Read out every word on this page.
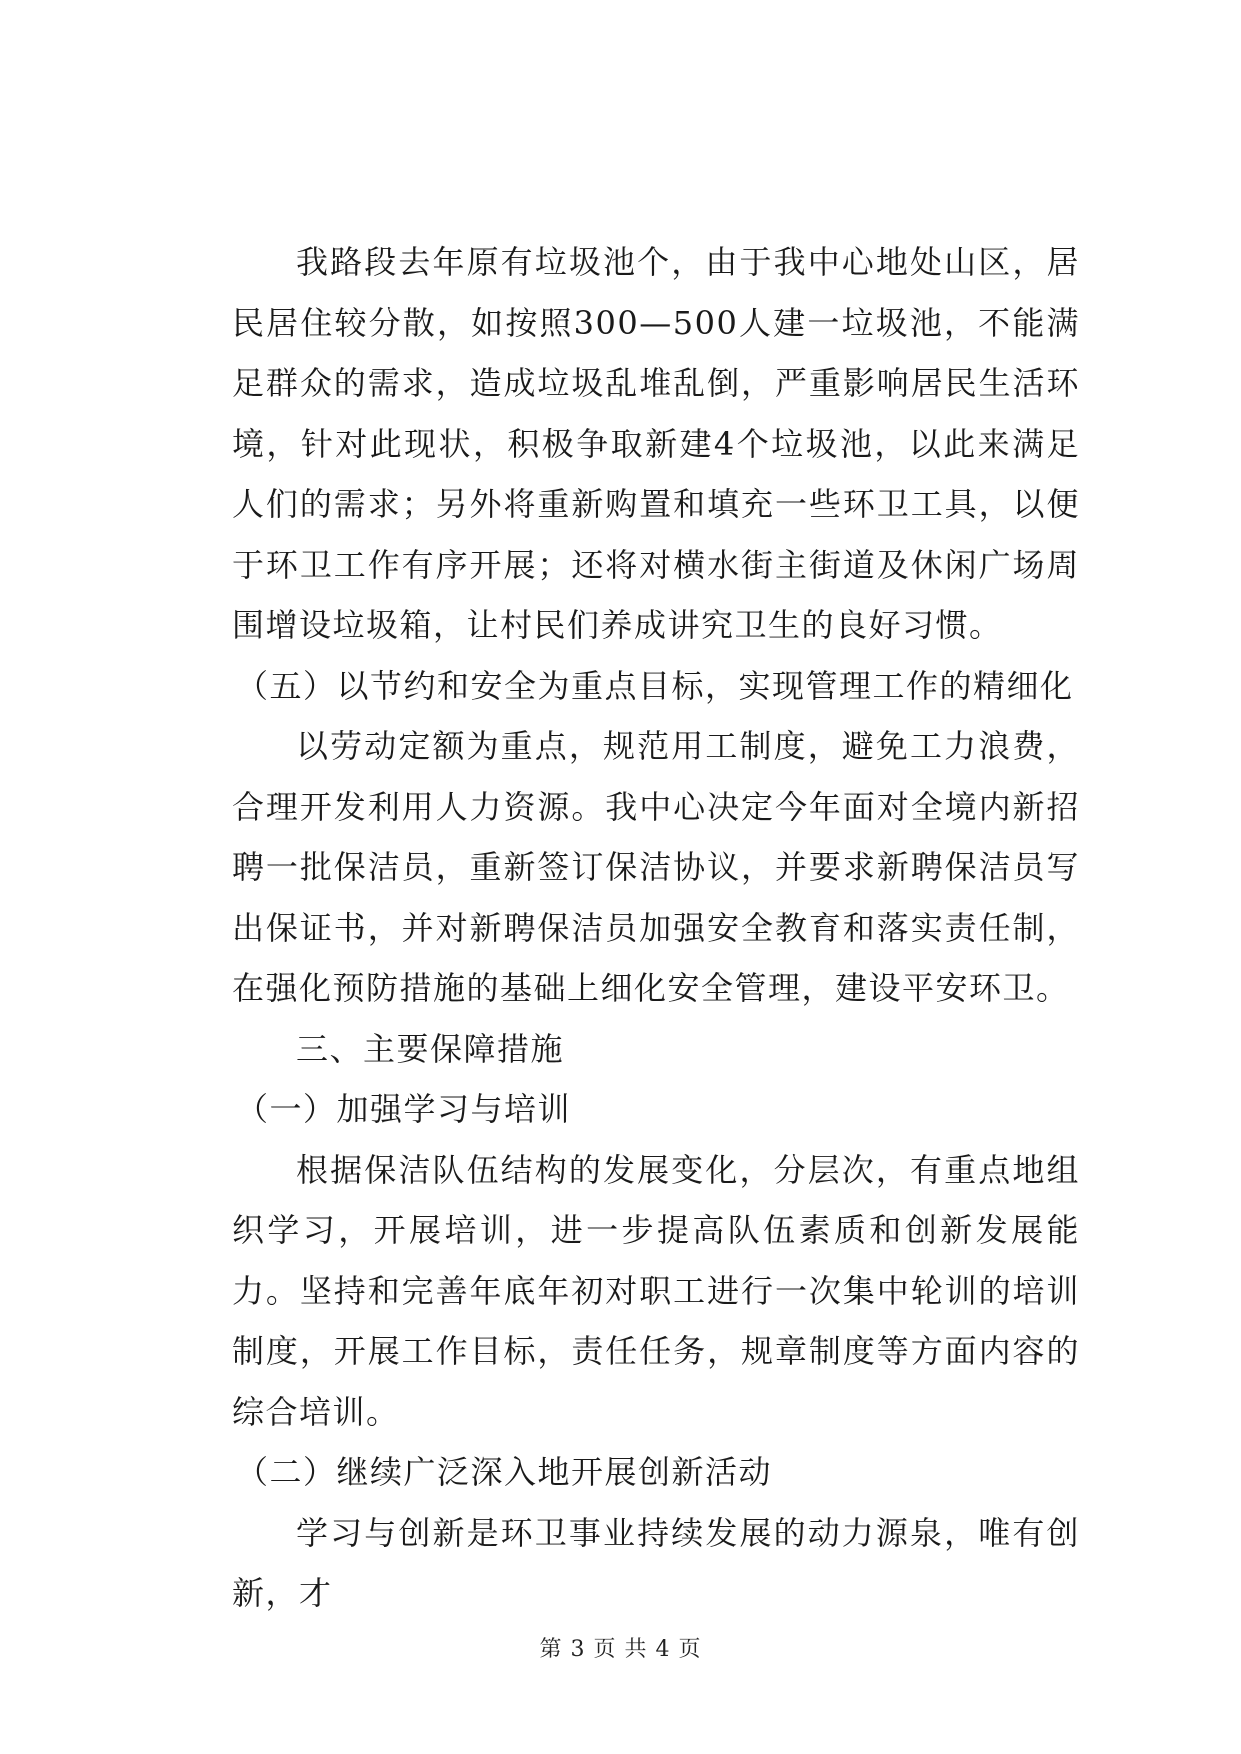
我路段去年原有垃圾池个，由于我中心地处山区，居民居住较分散，如按照300—500人建一垃圾池，不能满足群众的需求，造成垃圾乱堆乱倒，严重影响居民生活环境，针对此现状，积极争取新建4个垃圾池，以此来满足人们的需求；另外将重新购置和填充一些环卫工具，以便于环卫工作有序开展；还将对横水街主街道及休闲广场周围增设垃圾箱，让村民们养成讲究卫生的良好习惯。

（五）以节约和安全为重点目标，实现管理工作的精细化

以劳动定额为重点，规范用工制度，避免工力浪费，合理开发利用人力资源。我中心决定今年面对全境内新招聘一批保洁员，重新签订保洁协议，并要求新聘保洁员写出保证书，并对新聘保洁员加强安全教育和落实责任制，在强化预防措施的基础上细化安全管理，建设平安环卫。

三、主要保障措施

（一）加强学习与培训

根据保洁队伍结构的发展变化，分层次，有重点地组织学习，开展培训，进一步提高队伍素质和创新发展能力。坚持和完善年底年初对职工进行一次集中轮训的培训制度，开展工作目标，责任任务，规章制度等方面内容的综合培训。

（二）继续广泛深入地开展创新活动

学习与创新是环卫事业持续发展的动力源泉，唯有创新，才

第 3 页 共 4 页
